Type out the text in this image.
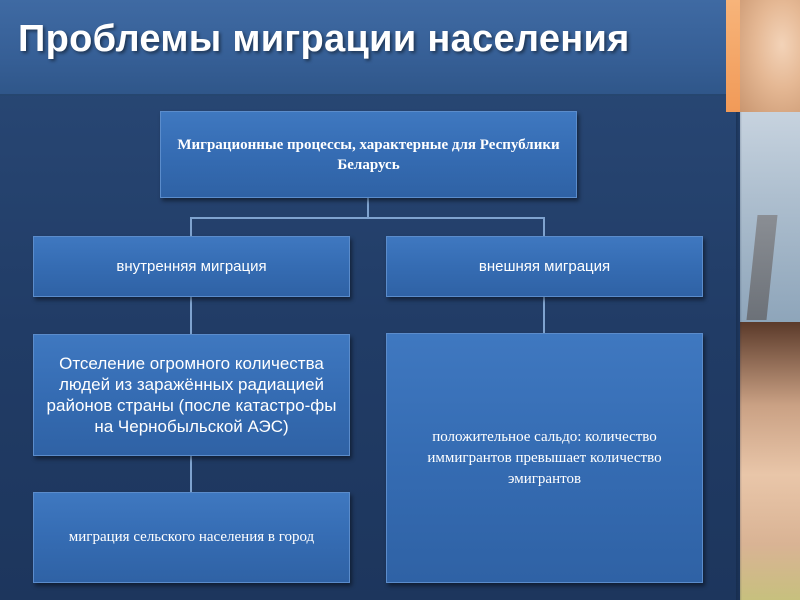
Проблемы миграции населения
Миграционные процессы, характерные для Республики Беларусь
внутренняя миграция	внешняя миграция
Отселение огромного количества людей из заражённых радиацией районов страны (после катастро-фы на Чернобыльской АЭС)
миграция сельского населения в город
положительное сальдо: количество иммигрантов превышает количество эмигрантов
